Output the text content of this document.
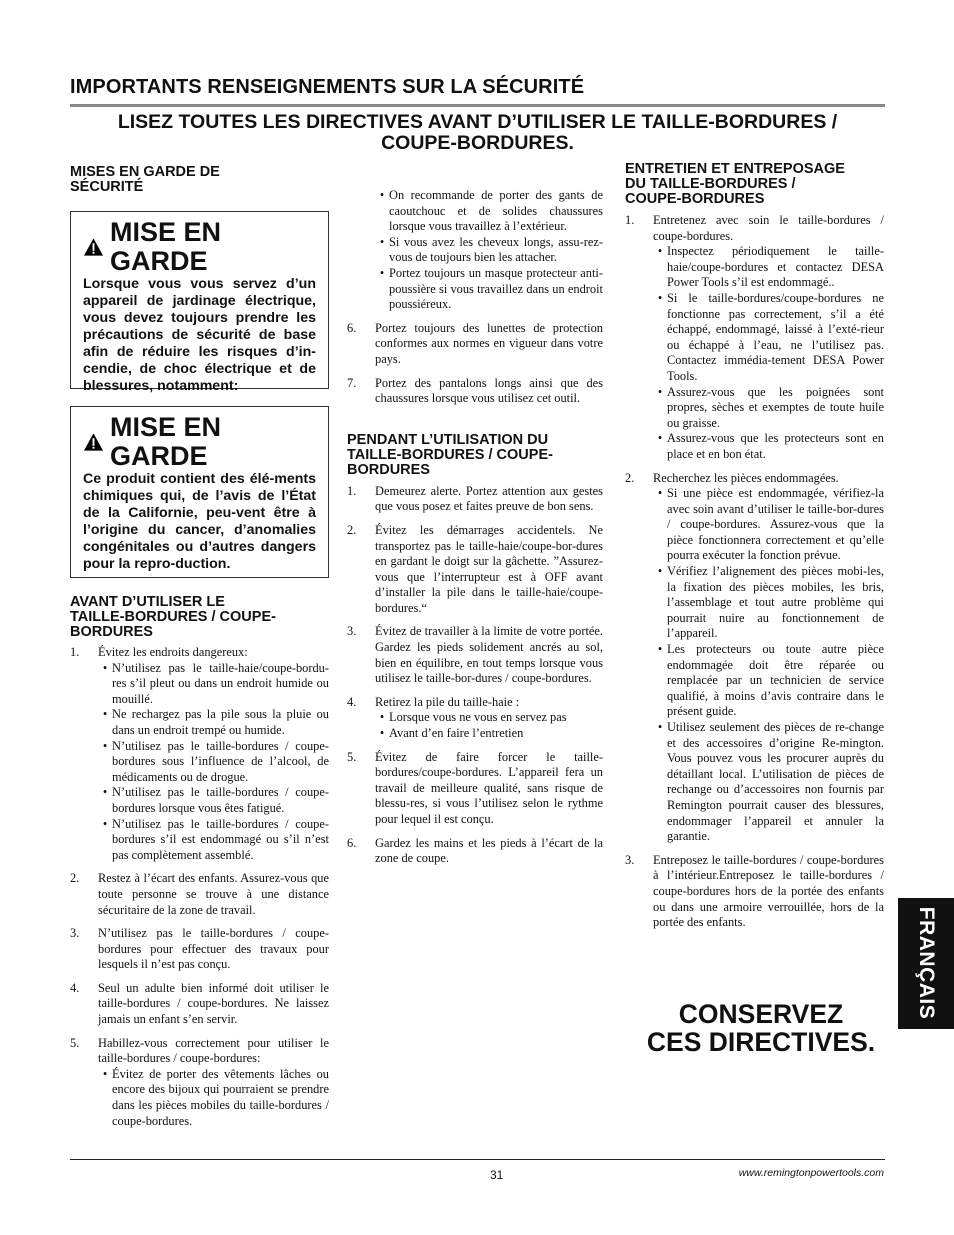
IMPORTANTS RENSEIGNEMENTS SUR LA SÉCURITÉ
LISEZ TOUTES LES DIRECTIVES AVANT D’UTILISER LE TAILLE-BORDURES /
COUPE-BORDURES.
MISES EN GARDE DE
SÉCURITÉ
MISE EN GARDE
Lorsque vous vous servez d’un appareil de jardinage électrique, vous devez toujours prendre les précautions de sécurité de base afin de réduire les risques d’in-cendie, de choc électrique et de blessures, notamment:
MISE EN GARDE
Ce produit contient des élé-ments chimiques qui, de l’avis de l’État de la Californie, peu-vent être à l’origine du cancer, d’anomalies congénitales ou d’autres dangers pour la repro-duction.
AVANT D’UTILISER LE
TAILLE-BORDURES / COUPE-
BORDURES
1.	Évitez les endroits dangereux:
• N’utilisez pas le taille-haie/coupe-bordu-res s’il pleut ou dans un endroit humide ou mouillé.
• Ne rechargez pas la pile sous la pluie ou dans un endroit trempé ou humide.
• N’utilisez pas le taille-bordures / coupe-bordures sous l’influence de l’alcool, de médicaments ou de drogue.
• N’utilisez pas le taille-bordures / coupe-bordures lorsque vous êtes fatigué.
• N’utilisez pas le taille-bordures / coupe-bordures s’il est endommagé ou s’il n’est pas complètement assemblé.
2.	Restez à l’écart des enfants. Assurez-vous que toute personne se trouve à une distance sécuritaire de la zone de travail.
3.	N’utilisez pas le taille-bordures / coupe-bordures pour effectuer des travaux pour lesquels il n’est pas conçu.
4.	Seul un adulte bien informé doit utiliser le taille-bordures / coupe-bordures. Ne laissez jamais un enfant s’en servir.
5.	Habillez-vous correctement pour utiliser le taille-bordures / coupe-bordures:
• Évitez de porter des vêtements lâches ou encore des bijoux qui pourraient se prendre dans les pièces mobiles du taille-bordures / coupe-bordures.
• On recommande de porter des gants de caoutchouc et de solides chaussures lorsque vous travaillez à l’extérieur.
• Si vous avez les cheveux longs, assu-rez-vous de toujours bien les attacher.
• Portez toujours un masque protecteur anti-poussière si vous travaillez dans un endroit poussiéreux.
6.	Portez toujours des lunettes de protection conformes aux normes en vigueur dans votre pays.
7.	Portez des pantalons longs ainsi que des chaussures lorsque vous utilisez cet outil.
PENDANT L’UTILISATION DU
TAILLE-BORDURES / COUPE-
BORDURES
1.	Demeurez alerte. Portez attention aux gestes que vous posez et faites preuve de bon sens.
2.	Évitez les démarrages accidentels. Ne transportez pas le taille-haie/coupe-bor-dures en gardant le doigt sur la gâchette. ”Assurez-vous que l’interrupteur est à OFF avant d’installer la pile dans le taille-haie/coupe-bordures.“
3.	Évitez de travailler à la limite de votre portée. Gardez les pieds solidement ancrés au sol, bien en équilibre, en tout temps lorsque vous utilisez le taille-bor-dures / coupe-bordures.
4.	Retirez la pile du taille-haie :
• Lorsque vous ne vous en servez pas
• Avant d’en faire l’entretien
5.	Évitez de faire forcer le taille-bordures/coupe-bordures. L’appareil fera un travail de meilleure qualité, sans risque de blessu-res, si vous l’utilisez selon le rythme pour lequel il est conçu.
6.	Gardez les mains et les pieds à l’écart de la zone de coupe.
ENTRETIEN ET ENTREPOSAGE
DU TAILLE-BORDURES /
COUPE-BORDURES
1.	Entretenez avec soin le taille-bordures / coupe-bordures.
• Inspectez périodiquement le taille-haie/coupe-bordures et contactez DESA Power Tools s’il est endommagé..
• Si le taille-bordures/coupe-bordures ne fonctionne pas correctement, s’il a été échappé, endommagé, laissé à l’exté-rieur ou échappé à l’eau, ne l’utilisez pas. Contactez immédia-tement DESA Power Tools.
• Assurez-vous que les poignées sont propres, sèches et exemptes de toute huile ou graisse.
• Assurez-vous que les protecteurs sont en place et en bon état.
2.	Recherchez les pièces endommagées.
• Si une pièce est endommagée, vérifiez-la avec soin avant d’utiliser le taille-bor-dures / coupe-bordures. Assurez-vous que la pièce fonctionnera correctement et qu’elle pourra exécuter la fonction prévue.
• Vérifiez l’alignement des pièces mobi-les, la fixation des pièces mobiles, les bris, l’assemblage et tout autre problème qui pourrait nuire au fonctionnement de l’appareil.
• Les protecteurs ou toute autre pièce endommagée doit être réparée ou remplacée par un technicien de service qualifié, à moins d’avis contraire dans le présent guide.
• Utilisez seulement des pièces de re-change et des accessoires d’origine Re-mington. Vous pouvez vous les procurer auprès du détaillant local. L’utilisation de pièces de rechange ou d’accessoires non fournis par Remington pourrait causer des blessures, endommager l’appareil et annuler la garantie.
3.	Entreposez le taille-bordures / coupe-bordures à l’intérieur.Entreposez le taille-bordures / coupe-bordures hors de la portée des enfants ou dans une armoire verrouillée, hors de la portée des enfants.
CONSERVEZ
CES DIRECTIVES.
FRANÇAIS
31	www.remingtonpowertools.com
